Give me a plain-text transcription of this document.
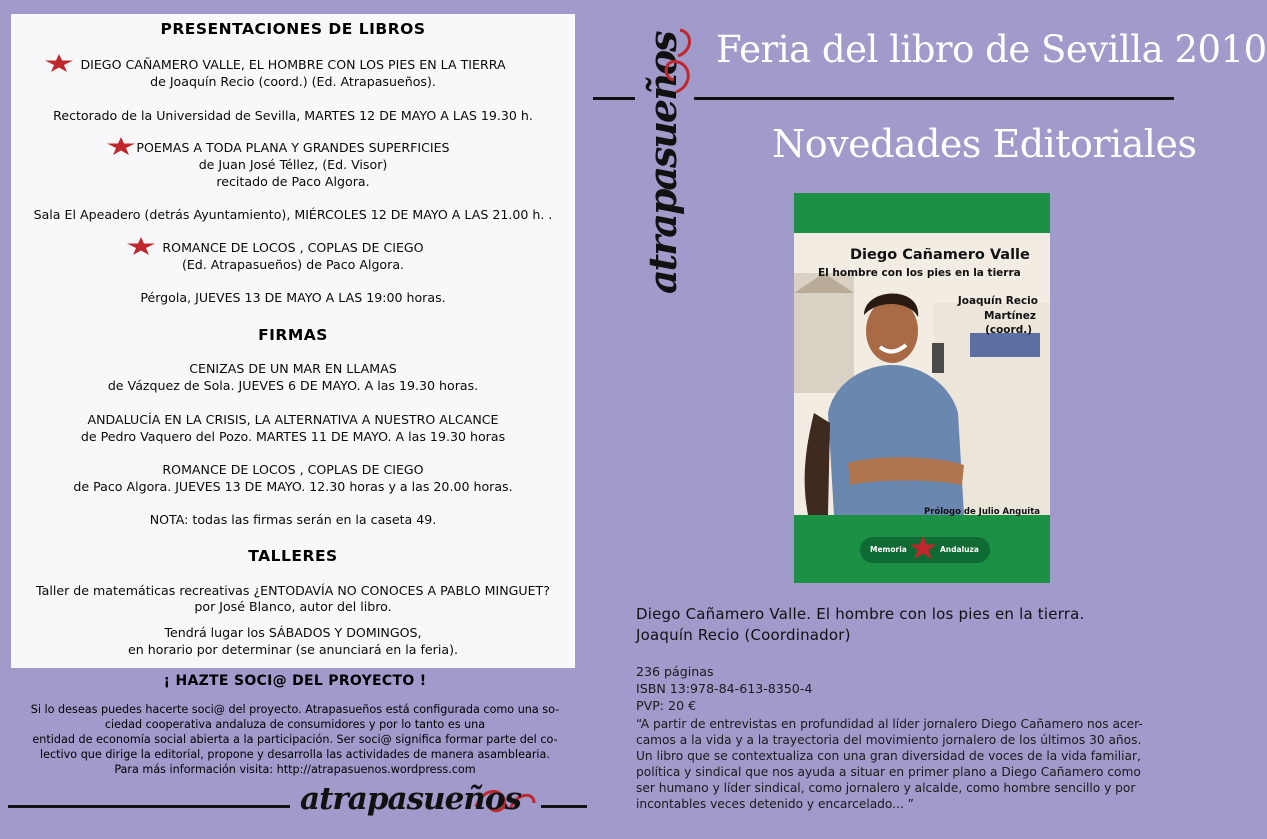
PRESENTACIONES DE LIBROS
DIEGO CAÑAMERO VALLE, EL HOMBRE CON LOS PIES EN LA TIERRA
de Joaquín Recio (coord.) (Ed. Atrapasueños).
Rectorado de la Universidad de Sevilla, MARTES 12 DE MAYO A LAS 19.30 h.
POEMAS A TODA PLANA Y GRANDES SUPERFICIES
de Juan José Téllez, (Ed. Visor)
recitado de Paco Algora.
Sala El Apeadero (detrás Ayuntamiento), MIÉRCOLES 12 DE MAYO A LAS 21.00 h. .
ROMANCE DE LOCOS , COPLAS DE CIEGO
(Ed. Atrapasueños) de Paco Algora.
Pérgola, JUEVES 13 DE MAYO A LAS 19:00 horas.
FIRMAS
CENIZAS DE UN MAR EN LLAMAS
de Vázquez de Sola. JUEVES 6 DE MAYO. A las 19.30 horas.
ANDALUCÍA EN LA CRISIS, LA ALTERNATIVA A NUESTRO ALCANCE
de Pedro Vaquero del Pozo. MARTES 11 DE MAYO. A las 19.30 horas
ROMANCE DE LOCOS , COPLAS DE CIEGO
de Paco Algora. JUEVES 13 DE MAYO. 12.30 horas y a las 20.00 horas.
NOTA: todas las firmas serán en la caseta 49.
TALLERES
Taller de matemáticas recreativas ¿ENTODAVÍA NO CONOCES A PABLO MINGUET?
por José Blanco, autor del libro.
Tendrá lugar los SÁBADOS Y DOMINGOS,
en horario por determinar (se anunciará en la feria).
¡ HAZTE SOCI@ DEL PROYECTO !
Si lo deseas puedes hacerte soci@ del proyecto. Atrapasueños está configurada como una so-
ciedad cooperativa andaluza de consumidores y por lo tanto es una
entidad de economía social abierta a la participación. Ser soci@ significa formar parte del co-
lectivo que dirige la editorial, propone y desarrolla las actividades de manera asamblearia.
Para más información visita: http://atrapasuenos.wordpress.com
atrapasueños
atrapasueños Feria del libro de Sevilla 2010
Novedades Editoriales
Diego Cañamero Valle
El hombre con los pies en la tierra
Joaquín Recio
Martínez
(coord.)
Prólogo de Julio Anguita
Memoria	Andaluza
Diego Cañamero Valle. El hombre con los pies en la tierra.
Joaquín Recio (Coordinador)
236 páginas
ISBN 13:978-84-613-8350-4
PVP: 20 €
“A partir de entrevistas en profundidad al líder jornalero Diego Cañamero nos acer-
camos a la vida y a la trayectoria del movimiento jornalero de los últimos 30 años.
Un libro que se contextualiza con una gran diversidad de voces de la vida familiar,
política y sindical que nos ayuda a situar en primer plano a Diego Cañamero como
ser humano y líder sindical, como jornalero y alcalde, como hombre sencillo y por
incontables veces detenido y encarcelado... ”
